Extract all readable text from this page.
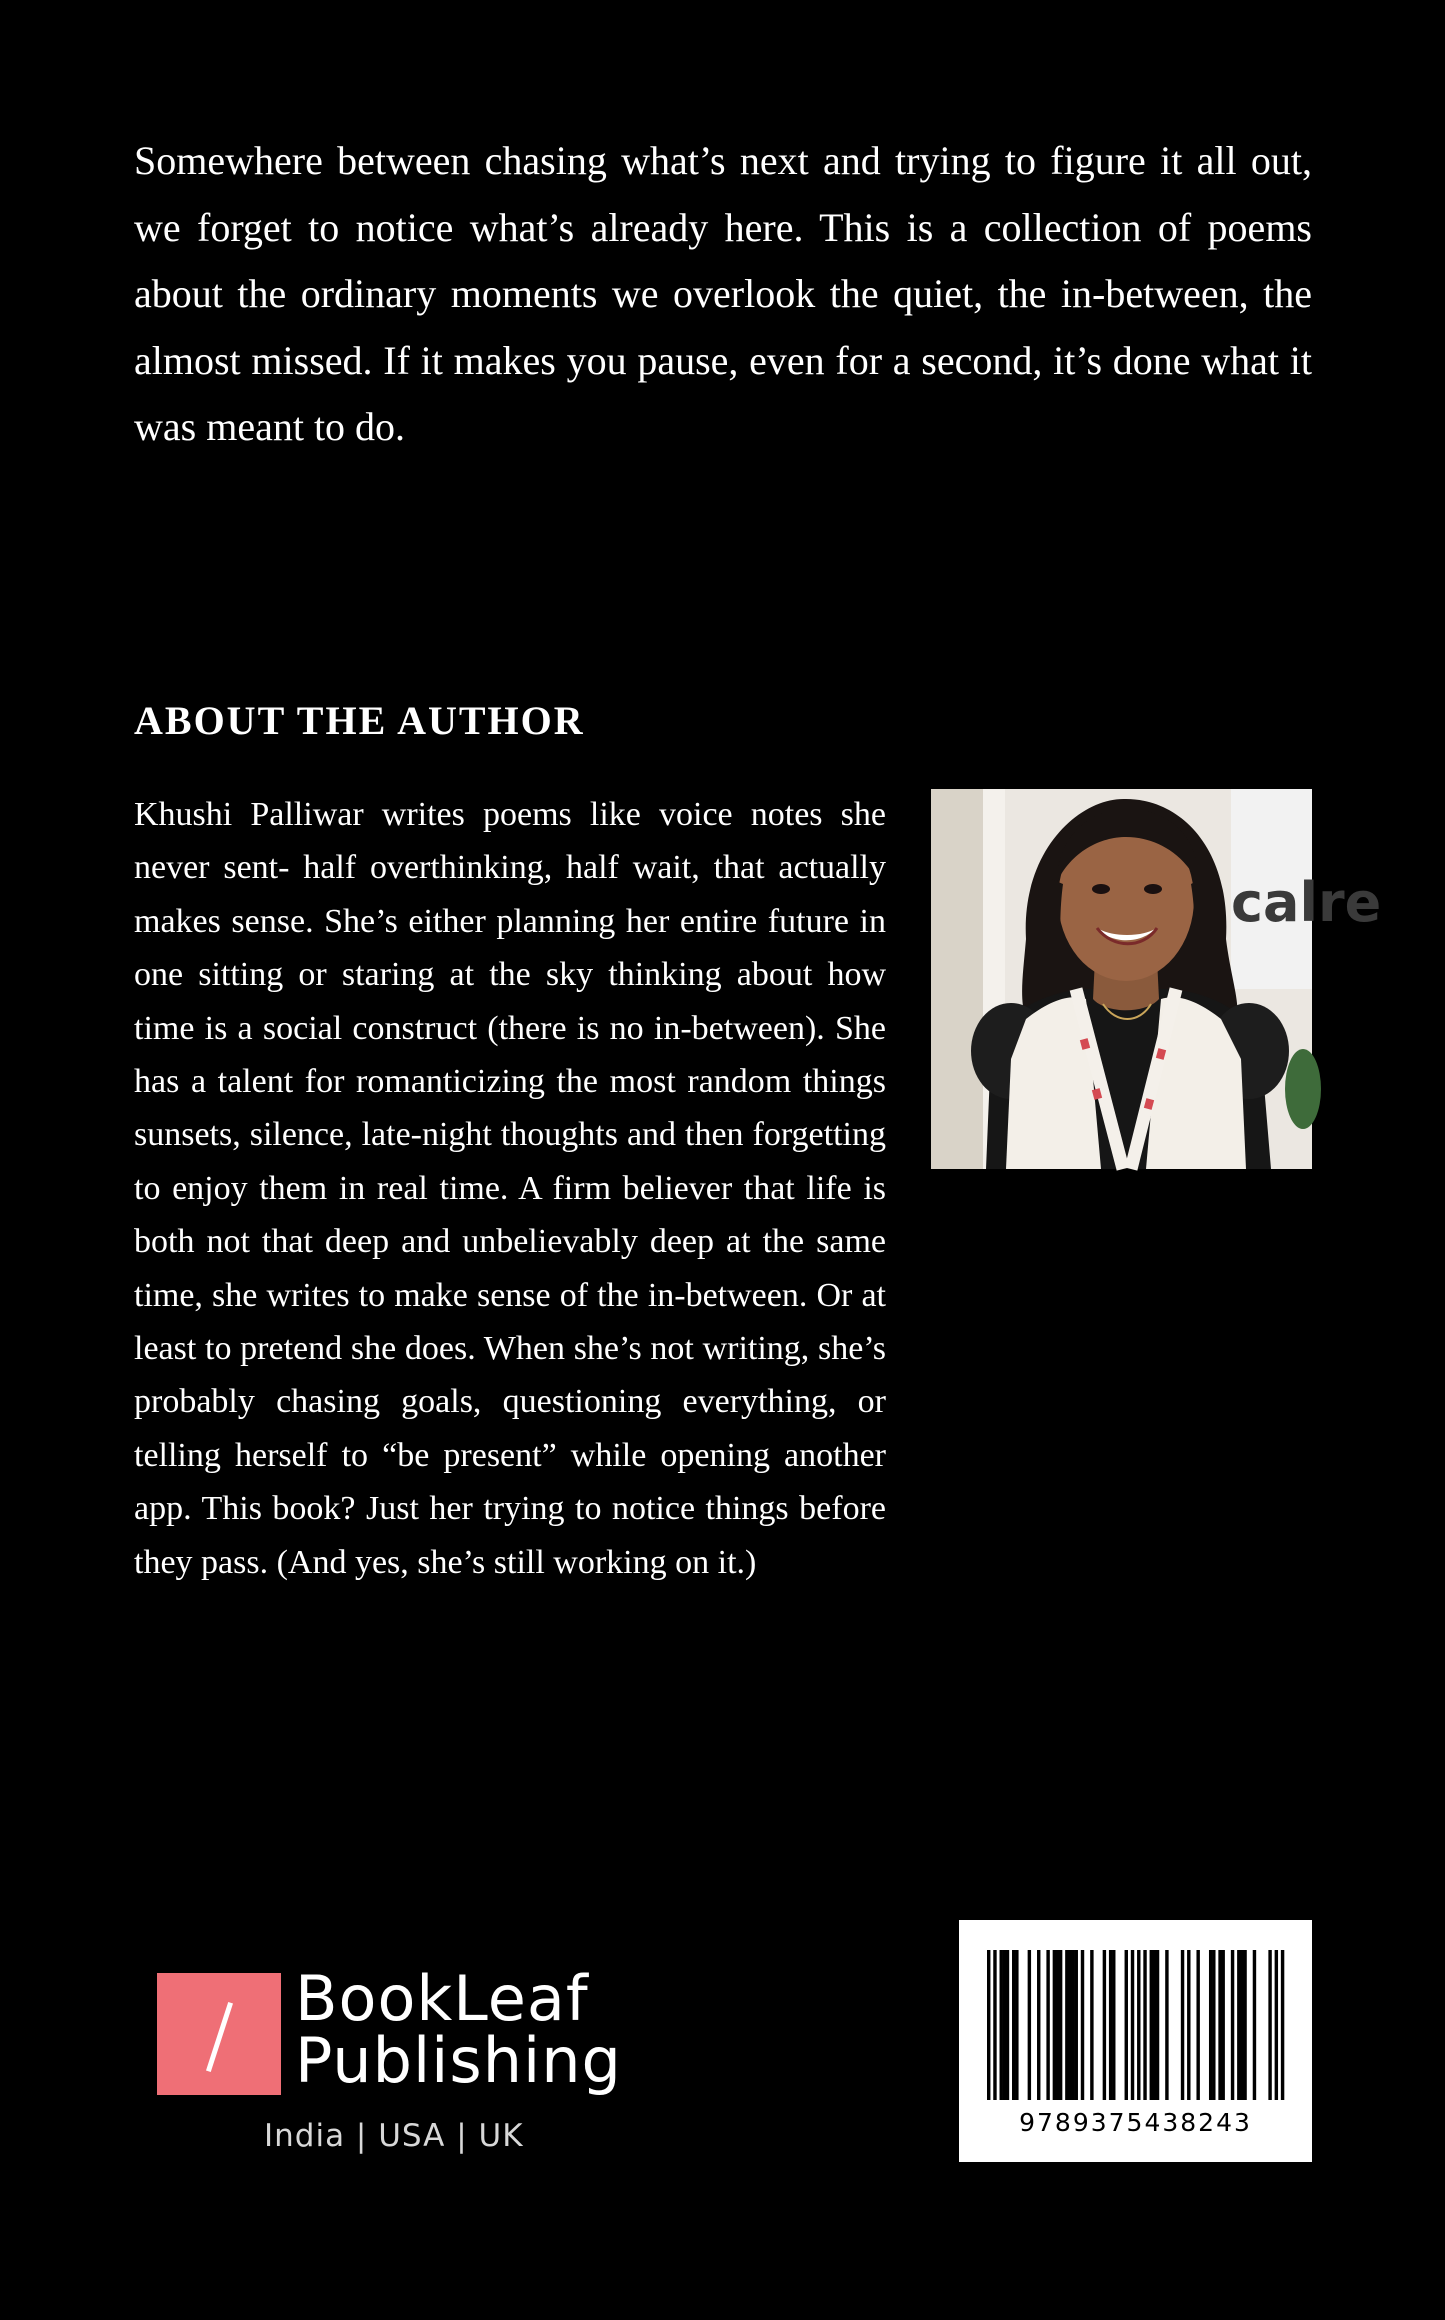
Somewhere between chasing what’s next and trying to figure it all out, we forget to notice what’s already here. This is a collection of poems about the ordinary moments we overlook the quiet, the in-between, the almost missed. If it makes you pause, even for a second, it’s done what it was meant to do.

ABOUT THE AUTHOR

Khushi Palliwar writes poems like voice notes she never sent- half overthinking, half wait, that actually makes sense. She’s either planning her entire future in one sitting or staring at the sky thinking about how time is a social construct (there is no in-between). She has a talent for romanticizing the most random things sunsets, silence, late-night thoughts and then forgetting to enjoy them in real time. A firm believer that life is both not that deep and unbelievably deep at the same time, she writes to make sense of the in-between. Or at least to pretend she does. When she’s not writing, she’s probably chasing goals, questioning everything, or telling herself to “be present” while opening another app. This book? Just her trying to notice things before they pass. (And yes, she’s still working on it.)

calre
BookLeaf
Publishing
India | USA | UK	9789375438243
